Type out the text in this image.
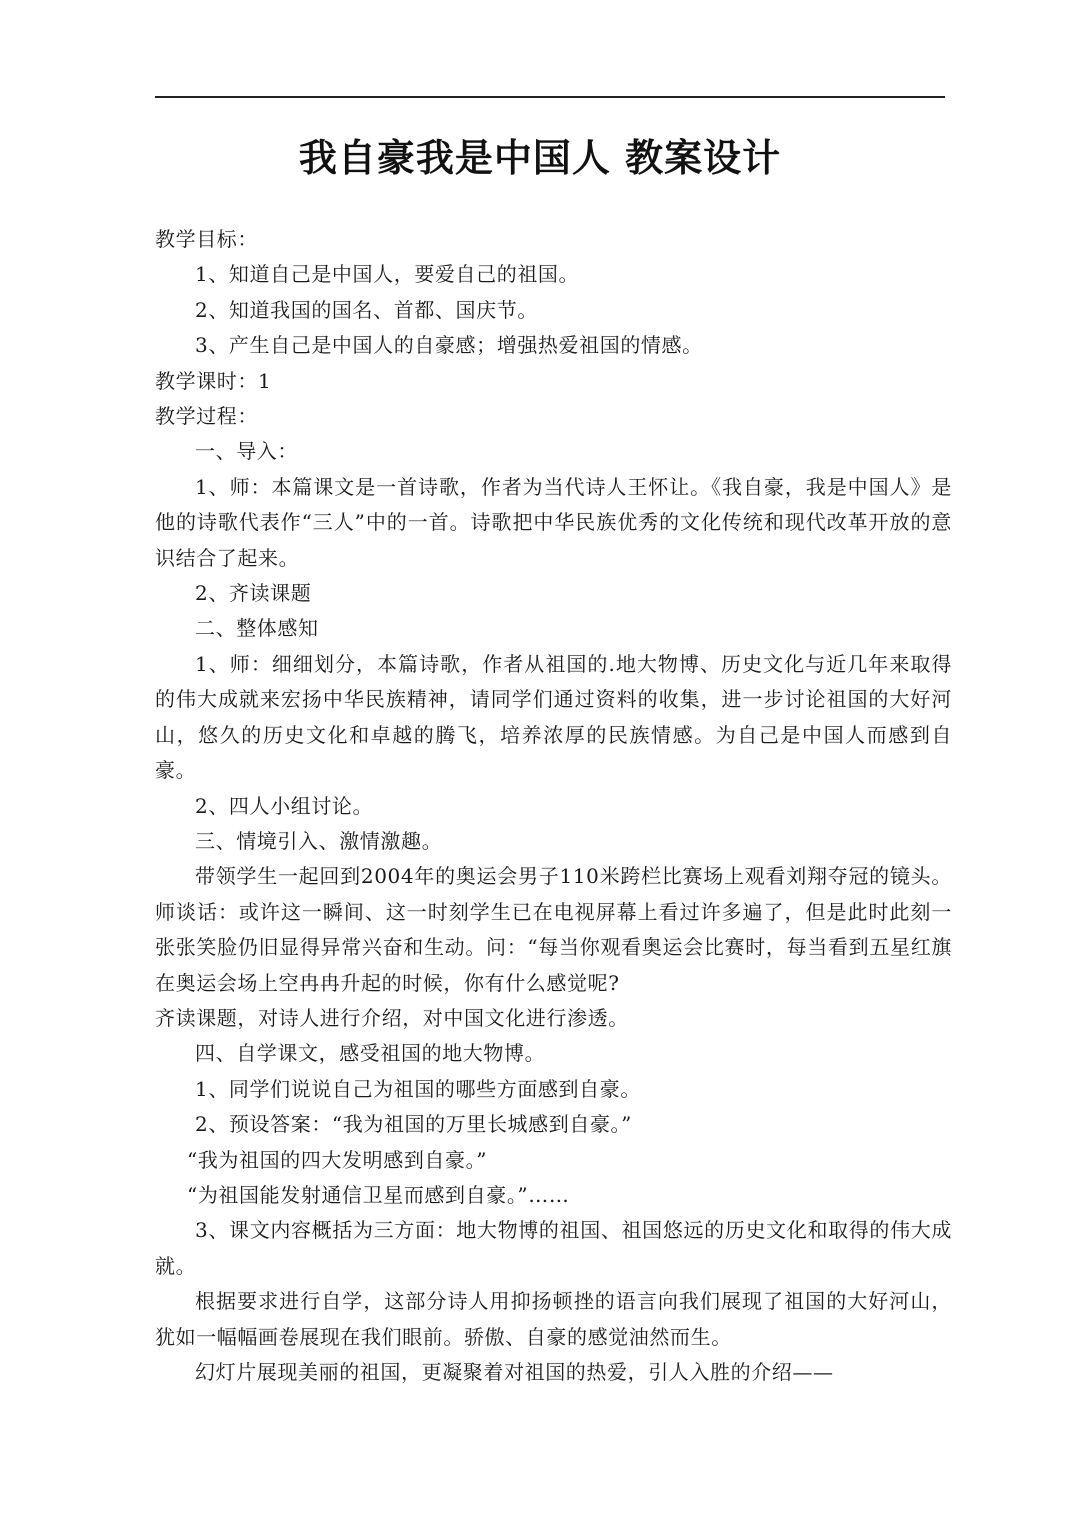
我自豪我是中国人 教案设计

教学目标：

1、知道自己是中国人，要爱自己的祖国。

2、知道我国的国名、首都、国庆节。

3、产生自己是中国人的自豪感；增强热爱祖国的情感。

教学课时：1

教学过程：

一、导入：

1、师：本篇课文是一首诗歌，作者为当代诗人王怀让。《我自豪，我是中国人》是他的诗歌代表作“三人”中的一首。诗歌把中华民族优秀的文化传统和现代改革开放的意识结合了起来。

2、齐读课题

二、整体感知

1、师：细细划分，本篇诗歌，作者从祖国的.地大物博、历史文化与近几年来取得的伟大成就来宏扬中华民族精神，请同学们通过资料的收集，进一步讨论祖国的大好河山，悠久的历史文化和卓越的腾飞，培养浓厚的民族情感。为自己是中国人而感到自豪。

2、四人小组讨论。

三、情境引入、激情激趣。

带领学生一起回到2004年的奥运会男子110米跨栏比赛场上观看刘翔夺冠的镜头。师谈话：或许这一瞬间、这一时刻学生已在电视屏幕上看过许多遍了，但是此时此刻一张张笑脸仍旧显得异常兴奋和生动。问：“每当你观看奥运会比赛时，每当看到五星红旗在奥运会场上空冉冉升起的时候，你有什么感觉呢?

齐读课题，对诗人进行介绍，对中国文化进行渗透。

四、自学课文，感受祖国的地大物博。

1、同学们说说自己为祖国的哪些方面感到自豪。

2、预设答案：“我为祖国的万里长城感到自豪。”

“我为祖国的四大发明感到自豪。”

“为祖国能发射通信卫星而感到自豪。”……

3、课文内容概括为三方面：地大物博的祖国、祖国悠远的历史文化和取得的伟大成就。

根据要求进行自学，这部分诗人用抑扬顿挫的语言向我们展现了祖国的大好河山，犹如一幅幅画卷展现在我们眼前。骄傲、自豪的感觉油然而生。

幻灯片展现美丽的祖国，更凝聚着对祖国的热爱，引人入胜的介绍——
